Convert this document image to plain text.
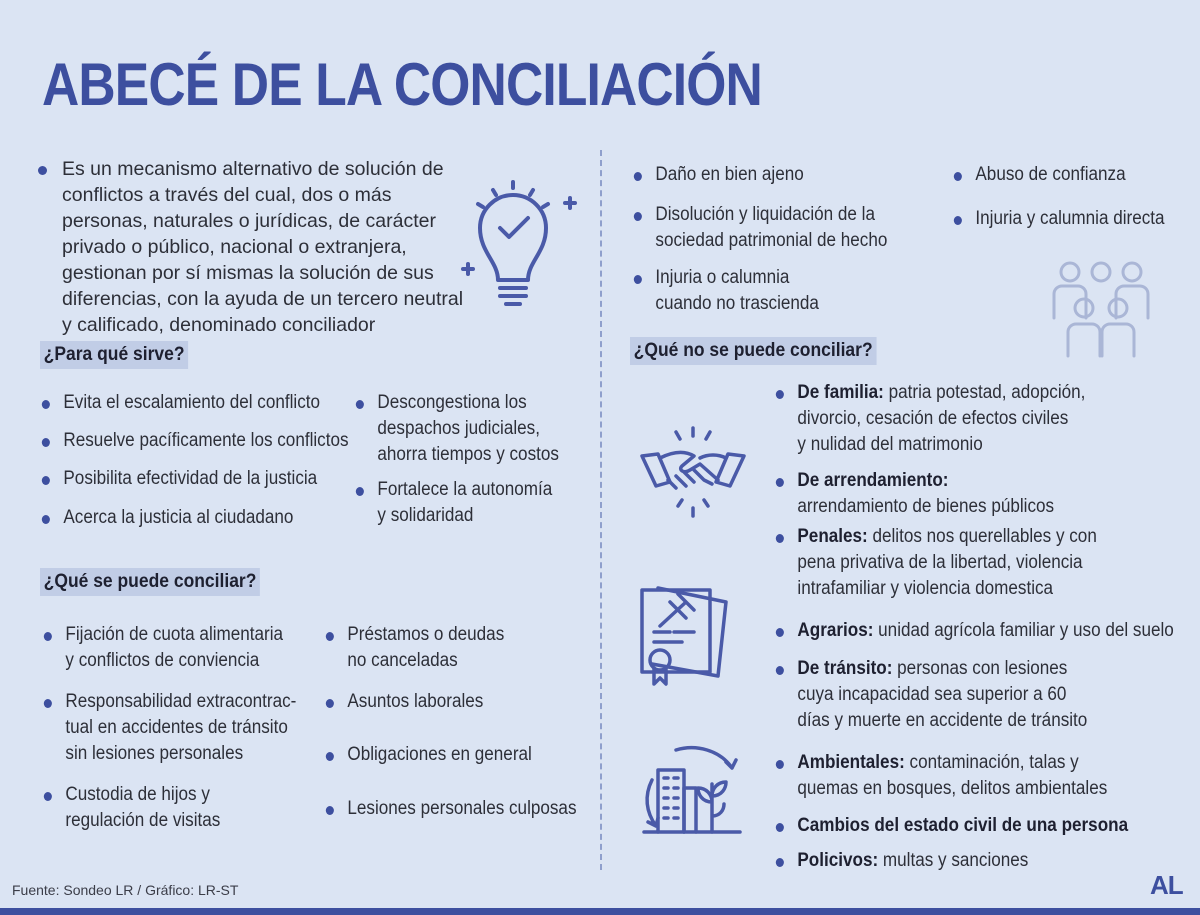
ABECÉ DE LA CONCILIACIÓN
Es un mecanismo alternativo de solución de conflictos a través del cual, dos o más personas, naturales o jurídicas, de carácter privado o público, nacional o extranjera, gestionan por sí mismas la solución de sus diferencias, con la ayuda de un tercero neutral y calificado, denominado conciliador
¿Para qué sirve?
Evita el escalamiento del conflicto
Resuelve pacíficamente los conflictos
Posibilita efectividad de la justicia
Acerca la justicia al ciudadano
Descongestiona los
despachos judiciales,
ahorra tiempos y costos
Fortalece la autonomía
y solidaridad
¿Qué se puede conciliar?
Fijación de cuota alimentaria
y conflictos de conviencia
Responsabilidad extracontrac-
tual en accidentes de tránsito
sin lesiones personales
Custodia de hijos y
regulación de visitas
Préstamos o deudas
no canceladas
Asuntos laborales
Obligaciones en general
Lesiones personales culposas
Daño en bien ajeno
Disolución y liquidación de la
sociedad patrimonial de hecho
Injuria o calumnia
cuando no trascienda
Abuso de confianza
Injuria y calumnia directa
¿Qué no se puede conciliar?
De familia: patria potestad, adopción,
divorcio, cesación de efectos civiles
y nulidad del matrimonio
De arrendamiento:
arrendamiento de bienes públicos
Penales: delitos nos querellables y con
pena privativa de la libertad, violencia
intrafamiliar y violencia domestica
Agrarios: unidad agrícola familiar y uso del suelo
De tránsito: personas con lesiones
cuya incapacidad sea superior a 60
días y muerte en accidente de tránsito
Ambientales: contaminación, talas y
quemas en bosques, delitos ambientales
Cambios del estado civil de una persona
Policivos: multas y sanciones
Fuente: Sondeo LR / Gráfico: LR-ST	AL
